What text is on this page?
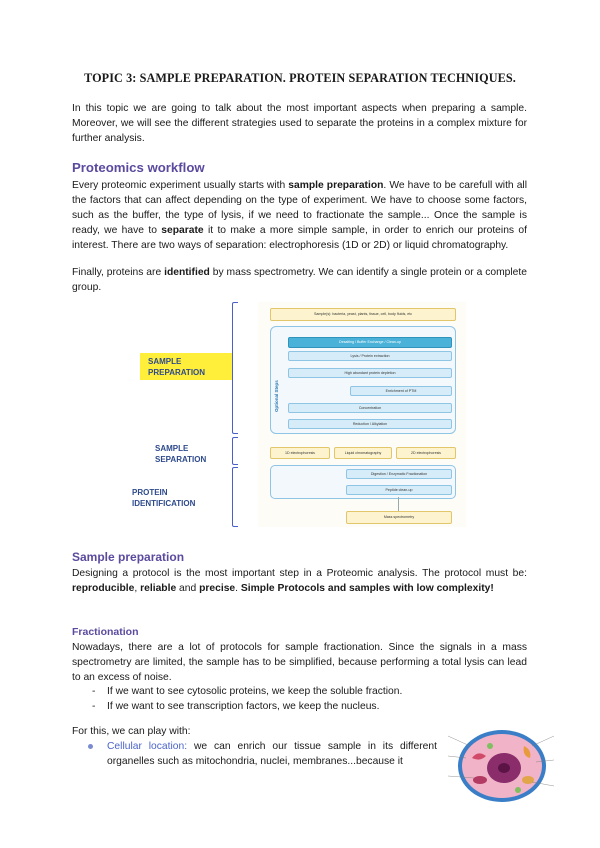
TOPIC 3: SAMPLE PREPARATION. PROTEIN SEPARATION TECHNIQUES.

In this topic we are going to talk about the most important aspects when preparing a sample. Moreover, we will see the different strategies used to separate the proteins in a complex mixture for further analysis.

Proteomics workflow

Every proteomic experiment usually starts with sample preparation. We have to be carefull with all the factors that can affect depending on the type of experiment. We have to choose some factors, such as the buffer, the type of lysis, if we need to fractionate the sample... Once the sample is ready, we have to separate it to make a more simple sample, in order to enrich our proteins of interest. There are two ways of separation: electrophoresis (1D or 2D) or liquid chromatography.

Finally, proteins are identified by mass spectrometry. We can identify a single protein or a complete group.

SAMPLE
PREPARATION
SAMPLE
SEPARATION
PROTEIN
IDENTIFICATION
Sample(s): bacteria, yeast, plants, tissue, cell, body fluids, etc
Optional Steps
Desalting / Buffer Exchange / Clean-up
Lysis / Protein extraction
High abundant protein depletion
Enrichment of PTM
Concentration
Reduction / Alkylation
1D electrophoresis	Liquid chromatography	2D electrophoresis
Digestion / Enzymatic Fractionation
Peptide clean-up
Mass spectrometry
Sample preparation

Designing a protocol is the most important step in a Proteomic analysis. The protocol must be: reproducible, reliable and precise. Simple Protocols and samples with low complexity!

Fractionation

Nowadays, there are a lot of protocols for sample fractionation. Since the signals in a mass spectrometry are limited, the sample has to be simplified, because performing a total lysis can lead to an excess of noise.

- If we want to see cytosolic proteins, we keep the soluble fraction.
- If we want to see transcription factors, we keep the nucleus.

For this, we can play with:

Cellular location: we can enrich our tissue sample in its different organelles such as mitochondria, nuclei, membranes...because it
